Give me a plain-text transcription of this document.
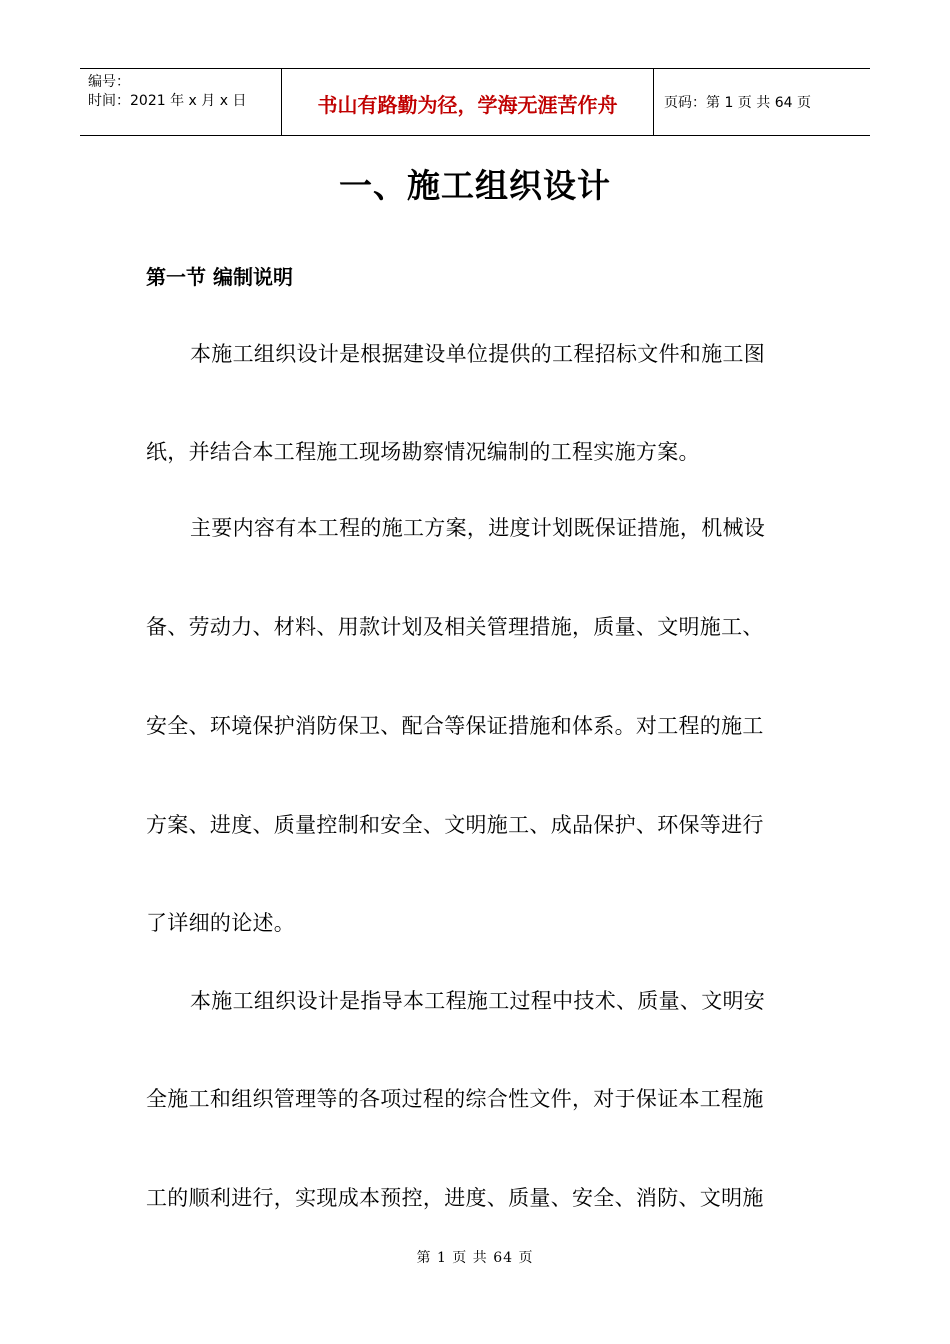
编号：
时间：2021 年 x 月 x 日	书山有路勤为径，学海无涯苦作舟	页码：第 1 页 共 64 页
一、施工组织设计
第一节 编制说明
本施工组织设计是根据建设单位提供的工程招标文件和施工图
纸，并结合本工程施工现场勘察情况编制的工程实施方案。
主要内容有本工程的施工方案，进度计划既保证措施，机械设
备、劳动力、材料、用款计划及相关管理措施，质量、文明施工、
安全、环境保护消防保卫、配合等保证措施和体系。对工程的施工
方案、进度、质量控制和安全、文明施工、成品保护、环保等进行
了详细的论述。
本施工组织设计是指导本工程施工过程中技术、质量、文明安
全施工和组织管理等的各项过程的综合性文件，对于保证本工程施
工的顺利进行，实现成本预控，进度、质量、安全、消防、文明施
第 1 页 共 64 页
